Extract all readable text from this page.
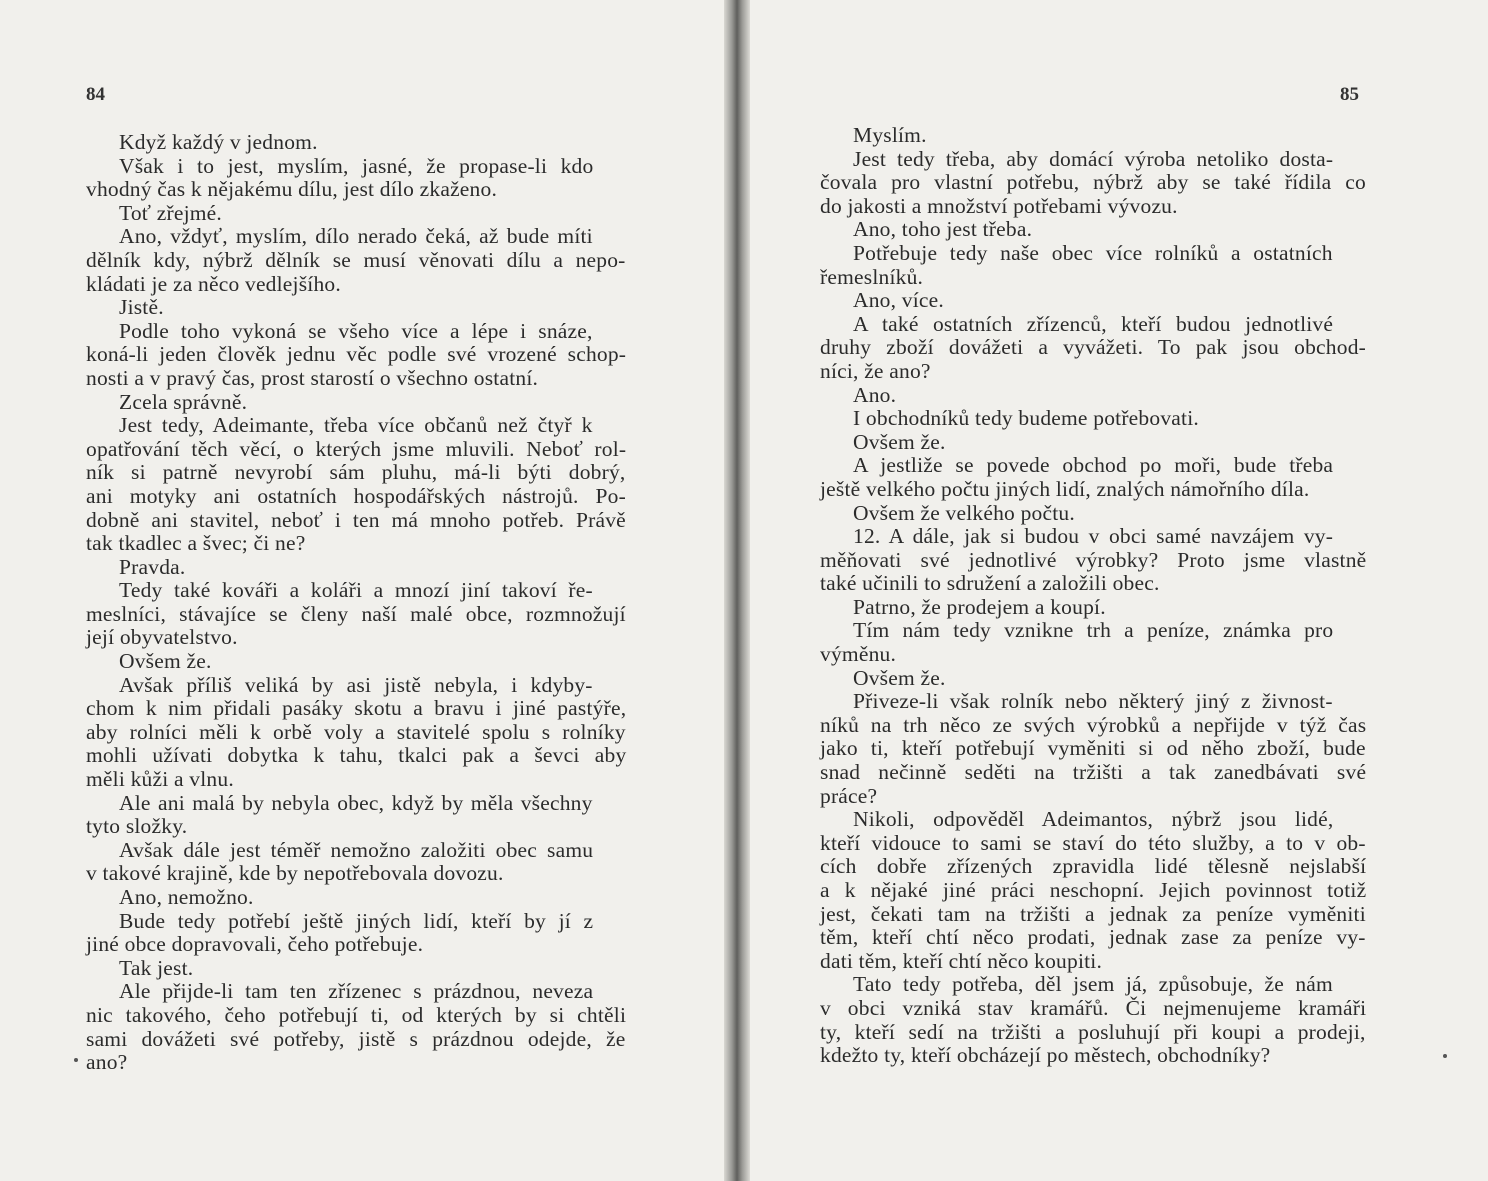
84	85
Když každý v jednom.
Však i to jest, myslím, jasné, že propase-li kdo
vhodný čas k nějakému dílu, jest dílo zkaženo.
Toť zřejmé.
Ano, vždyť, myslím, dílo nerado čeká, až bude míti
dělník kdy, nýbrž dělník se musí věnovati dílu a nepo-
kládati je za něco vedlejšího.
Jistě.
Podle toho vykoná se všeho více a lépe i snáze,
koná-li jeden člověk jednu věc podle své vrozené schop-
nosti a v pravý čas, prost starostí o všechno ostatní.
Zcela správně.
Jest tedy, Adeimante, třeba více občanů než čtyř k
opatřování těch věcí, o kterých jsme mluvili. Neboť rol-
ník si patrně nevyrobí sám pluhu, má-li býti dobrý,
ani motyky ani ostatních hospodářských nástrojů. Po-
dobně ani stavitel, neboť i ten má mnoho potřeb. Právě
tak tkadlec a švec; či ne?
Pravda.
Tedy také kováři a koláři a mnozí jiní takoví ře-
meslníci, stávajíce se členy naší malé obce, rozmnožují
její obyvatelstvo.
Ovšem že.
Avšak příliš veliká by asi jistě nebyla, i kdyby-
chom k nim přidali pasáky skotu a bravu i jiné pastýře,
aby rolníci měli k orbě voly a stavitelé spolu s rolníky
mohli užívati dobytka k tahu, tkalci pak a ševci aby
měli kůži a vlnu.
Ale ani malá by nebyla obec, když by měla všechny
tyto složky.
Avšak dále jest téměř nemožno založiti obec samu
v takové krajině, kde by nepotřebovala dovozu.
Ano, nemožno.
Bude tedy potřebí ještě jiných lidí, kteří by jí z
jiné obce dopravovali, čeho potřebuje.
Tak jest.
Ale přijde-li tam ten zřízenec s prázdnou, neveza
nic takového, čeho potřebují ti, od kterých by si chtěli
sami dovážeti své potřeby, jistě s prázdnou odejde, že
ano?
Myslím.
Jest tedy třeba, aby domácí výroba netoliko dosta-
čovala pro vlastní potřebu, nýbrž aby se také řídila co
do jakosti a množství potřebami vývozu.
Ano, toho jest třeba.
Potřebuje tedy naše obec více rolníků a ostatních
řemeslníků.
Ano, více.
A také ostatních zřízenců, kteří budou jednotlivé
druhy zboží dovážeti a vyvážeti. To pak jsou obchod-
níci, že ano?
Ano.
I obchodníků tedy budeme potřebovati.
Ovšem že.
A jestliže se povede obchod po moři, bude třeba
ještě velkého počtu jiných lidí, znalých námořního díla.
Ovšem že velkého počtu.
12. A dále, jak si budou v obci samé navzájem vy-
měňovati své jednotlivé výrobky? Proto jsme vlastně
také učinili to sdružení a založili obec.
Patrno, že prodejem a koupí.
Tím nám tedy vznikne trh a peníze, známka pro
výměnu.
Ovšem že.
Přiveze-li však rolník nebo některý jiný z živnost-
níků na trh něco ze svých výrobků a nepřijde v týž čas
jako ti, kteří potřebují vyměniti si od něho zboží, bude
snad nečinně seděti na tržišti a tak zanedbávati své
práce?
Nikoli, odpověděl Adeimantos, nýbrž jsou lidé,
kteří vidouce to sami se staví do této služby, a to v ob-
cích dobře zřízených zpravidla lidé tělesně nejslabší
a k nějaké jiné práci neschopní. Jejich povinnost totiž
jest, čekati tam na tržišti a jednak za peníze vyměniti
těm, kteří chtí něco prodati, jednak zase za peníze vy-
dati těm, kteří chtí něco koupiti.
Tato tedy potřeba, děl jsem já, způsobuje, že nám
v obci vzniká stav kramářů. Či nejmenujeme kramáři
ty, kteří sedí na tržišti a posluhují při koupi a prodeji,
kdežto ty, kteří obcházejí po městech, obchodníky?
